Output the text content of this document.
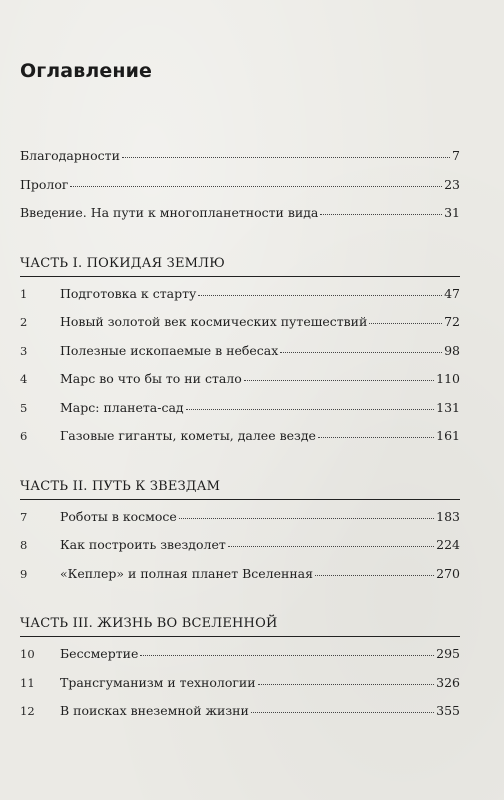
Оглавление
Благодарности	7
Пролог	23
Введение. На пути к многопланетности вида	31
ЧАСТЬ I. ПОКИДАЯ ЗЕМЛЮ
1	Подготовка к старту	47
2	Новый золотой век космических путешествий	72
3	Полезные ископаемые в небесах	98
4	Марс во что бы то ни стало	110
5	Марс: планета-сад	131
6	Газовые гиганты, кометы, далее везде	161
ЧАСТЬ II. ПУТЬ К ЗВЕЗДАМ
7	Роботы в космосе	183
8	Как построить звездолет	224
9	«Кеплер» и полная планет Вселенная	270
ЧАСТЬ III. ЖИЗНЬ ВО ВСЕЛЕННОЙ
10	Бессмертие	295
11	Трансгуманизм и технологии	326
12	В поисках внеземной жизни	355
